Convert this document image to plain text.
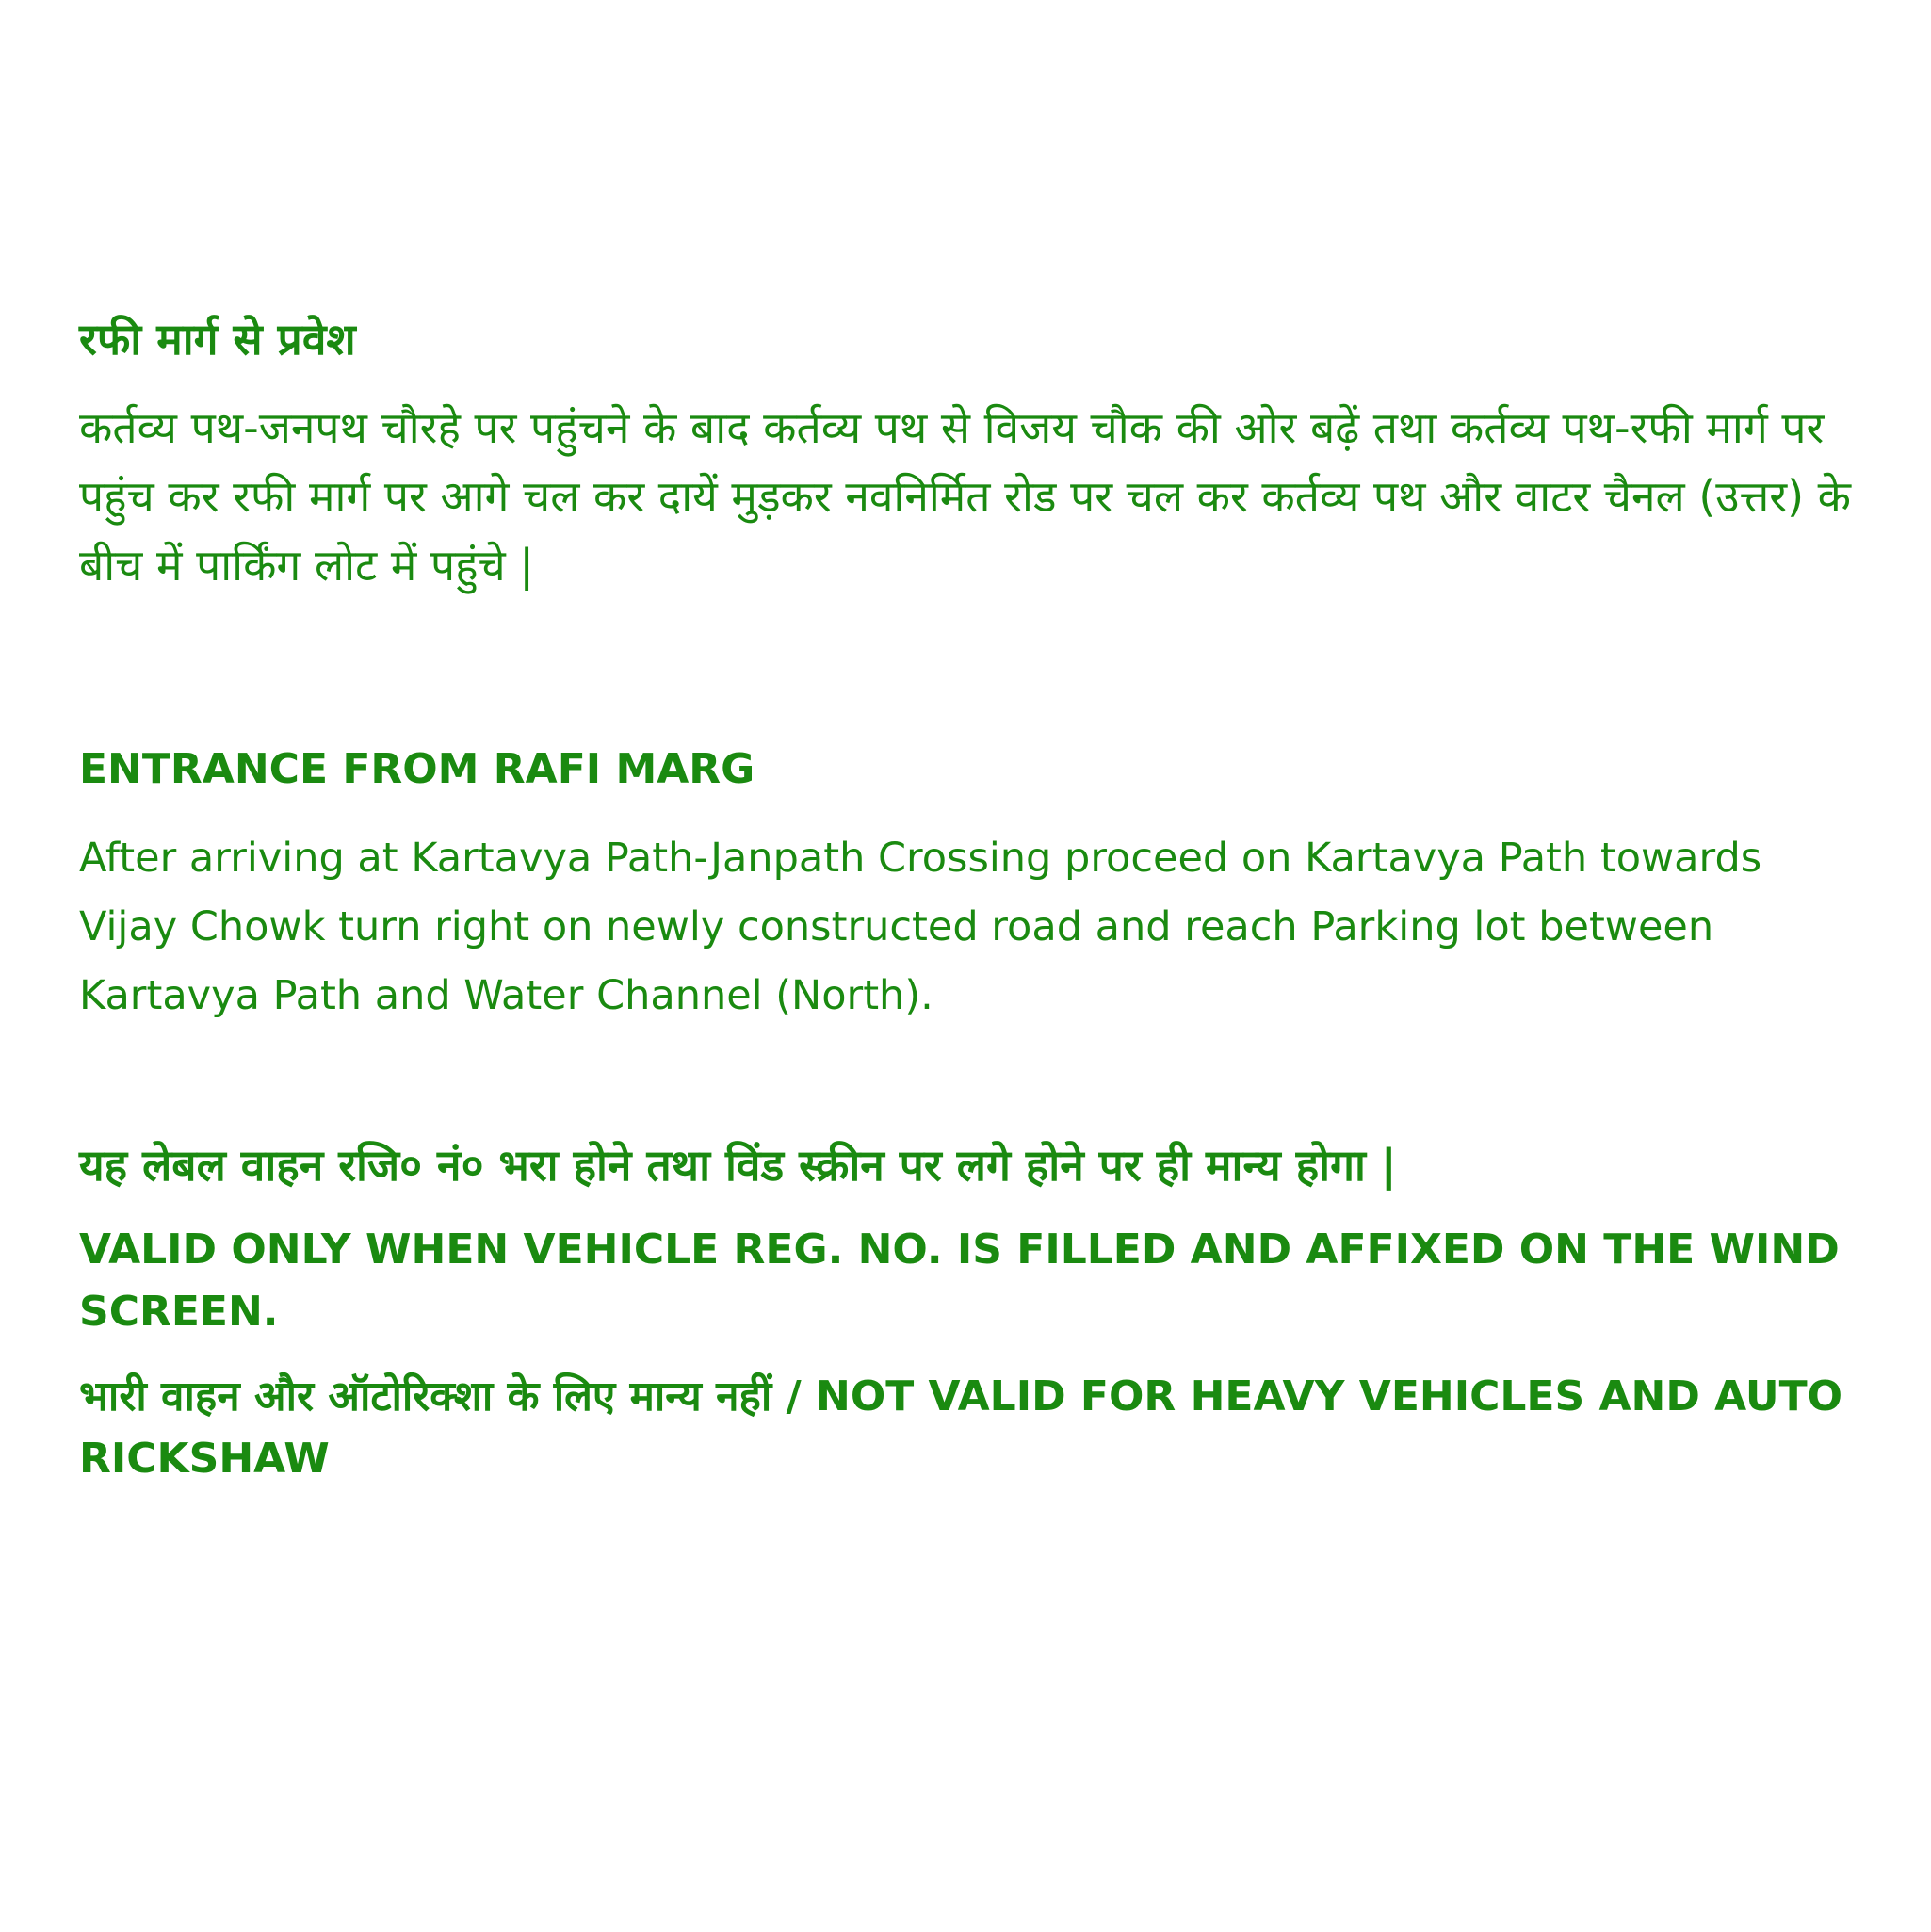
रफी मार्ग से प्रवेश

कर्तव्य पथ-जनपथ चौरहे पर पहुंचने के बाद कर्तव्य पथ से विजय चौक की ओर बढ़ें तथा कर्तव्य पथ-रफी मार्ग पर पहुंच कर रफी मार्ग पर आगे चल कर दायें मुड़कर नवनिर्मित रोड पर चल कर कर्तव्य पथ और वाटर चैनल (उत्तर) के बीच में पार्किंग लोट में पहुंचे |

ENTRANCE FROM RAFI MARG

After arriving at Kartavya Path-Janpath Crossing proceed on Kartavya Path towards Vijay Chowk turn right on newly constructed road and reach Parking lot between Kartavya Path and Water Channel (North).

यह लेबल वाहन रजि० नं० भरा होने तथा विंड स्क्रीन पर लगे होने पर ही मान्य होगा |

VALID ONLY WHEN VEHICLE REG. NO. IS FILLED AND AFFIXED ON THE WIND SCREEN.

भारी वाहन और ऑटोरिक्शा के लिए मान्य नहीं / NOT VALID FOR HEAVY VEHICLES AND AUTO RICKSHAW
